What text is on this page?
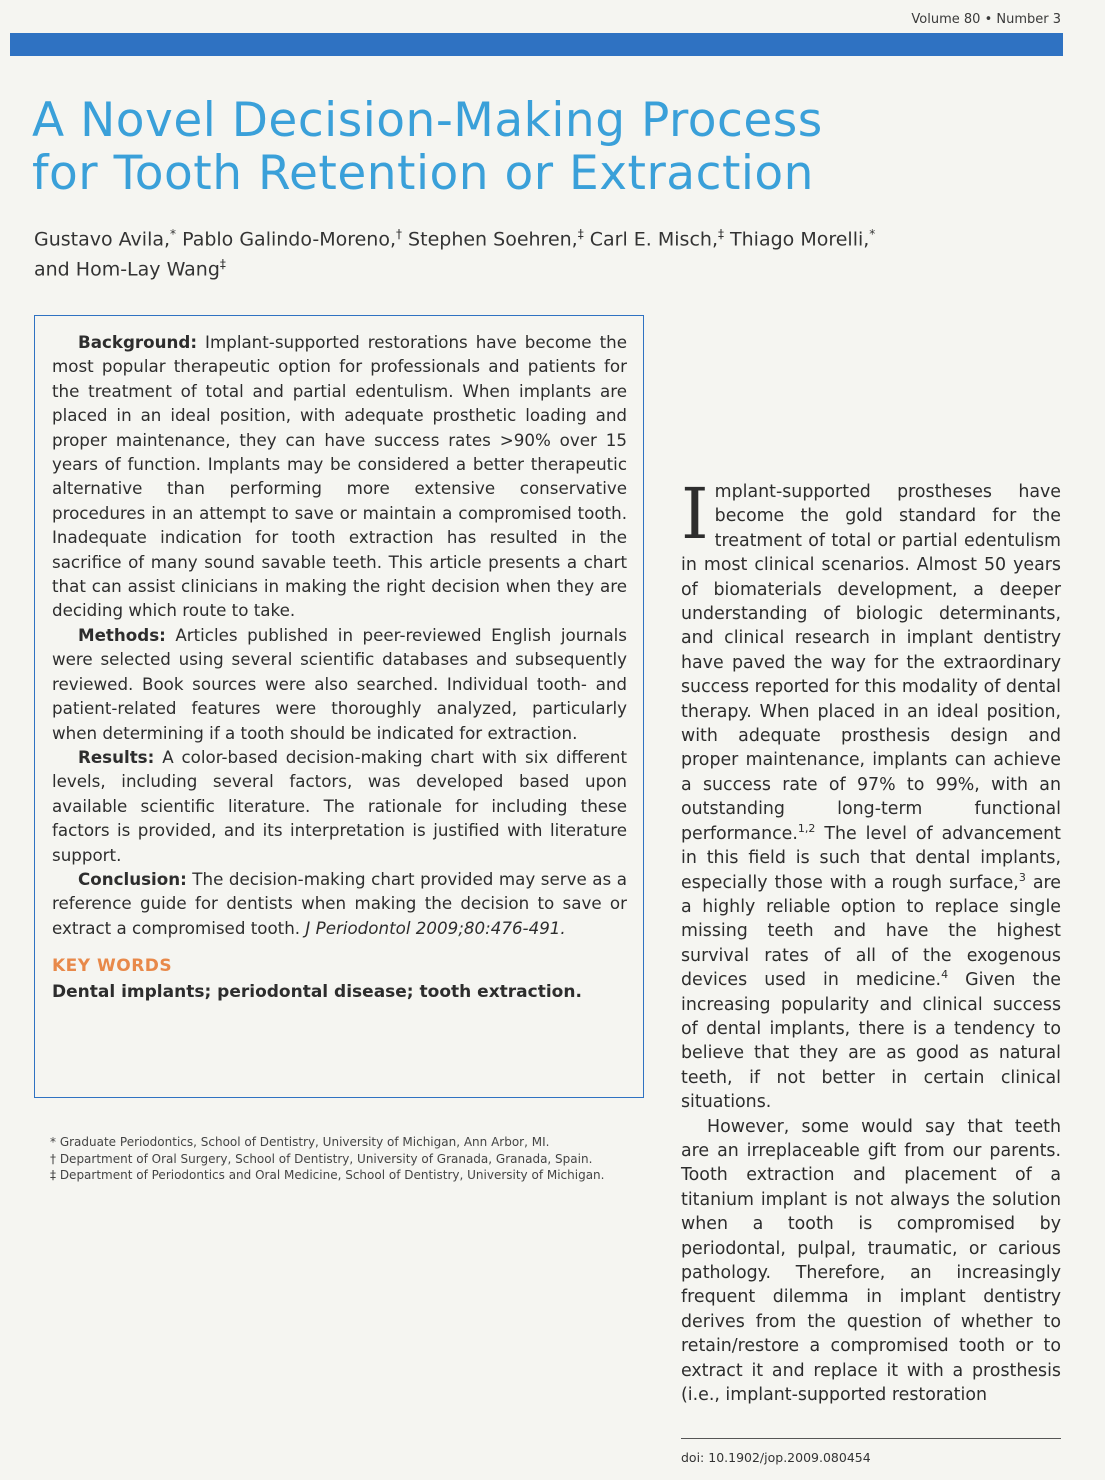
Volume 80 • Number 3
A Novel Decision-Making Process
for Tooth Retention or Extraction
Gustavo Avila,* Pablo Galindo-Moreno,† Stephen Soehren,‡ Carl E. Misch,‡ Thiago Morelli,*
and Hom-Lay Wang‡

Background: Implant-supported restorations have become the most popular therapeutic option for professionals and patients for the treatment of total and partial edentulism. When implants are placed in an ideal position, with adequate prosthetic loading and proper maintenance, they can have success rates >90% over 15 years of function. Implants may be considered a better therapeutic alternative than performing more extensive conservative procedures in an attempt to save or maintain a compromised tooth. Inadequate indication for tooth extraction has resulted in the sacrifice of many sound savable teeth. This article presents a chart that can assist clinicians in making the right decision when they are deciding which route to take.

Methods: Articles published in peer-reviewed English journals were selected using several scientific databases and subsequently reviewed. Book sources were also searched. Individual tooth- and patient-related features were thoroughly analyzed, particularly when determining if a tooth should be indicated for extraction.

Results: A color-based decision-making chart with six different levels, including several factors, was developed based upon available scientific literature. The rationale for including these factors is provided, and its interpretation is justified with literature support.

Conclusion: The decision-making chart provided may serve as a reference guide for dentists when making the decision to save or extract a compromised tooth. J Periodontol 2009;80:476-491.

KEY WORDS
Dental implants; periodontal disease; tooth extraction.
* Graduate Periodontics, School of Dentistry, University of Michigan, Ann Arbor, MI.
† Department of Oral Surgery, School of Dentistry, University of Granada, Granada, Spain.
‡ Department of Periodontics and Oral Medicine, School of Dentistry, University of Michigan.

Implant-supported prostheses have become the gold standard for the treatment of total or partial edentulism in most clinical scenarios. Almost 50 years of biomaterials development, a deeper understanding of biologic determinants, and clinical research in implant dentistry have paved the way for the extraordinary success reported for this modality of dental therapy. When placed in an ideal position, with adequate prosthesis design and proper maintenance, implants can achieve a success rate of 97% to 99%, with an outstanding long-term functional performance.$^{1,2}$ The level of advancement in this field is such that dental implants, especially those with a rough surface,$^3$ are a highly reliable option to replace single missing teeth and have the highest survival rates of all of the exogenous devices used in medicine.$^4$ Given the increasing popularity and clinical success of dental implants, there is a tendency to believe that they are as good as natural teeth, if not better in certain clinical situations.

However, some would say that teeth are an irreplaceable gift from our parents. Tooth extraction and placement of a titanium implant is not always the solution when a tooth is compromised by periodontal, pulpal, traumatic, or carious pathology. Therefore, an increasingly frequent dilemma in implant dentistry derives from the question of whether to retain/restore a compromised tooth or to extract it and replace it with a prosthesis (i.e., implant-supported restoration

doi: 10.1902/jop.2009.080454
